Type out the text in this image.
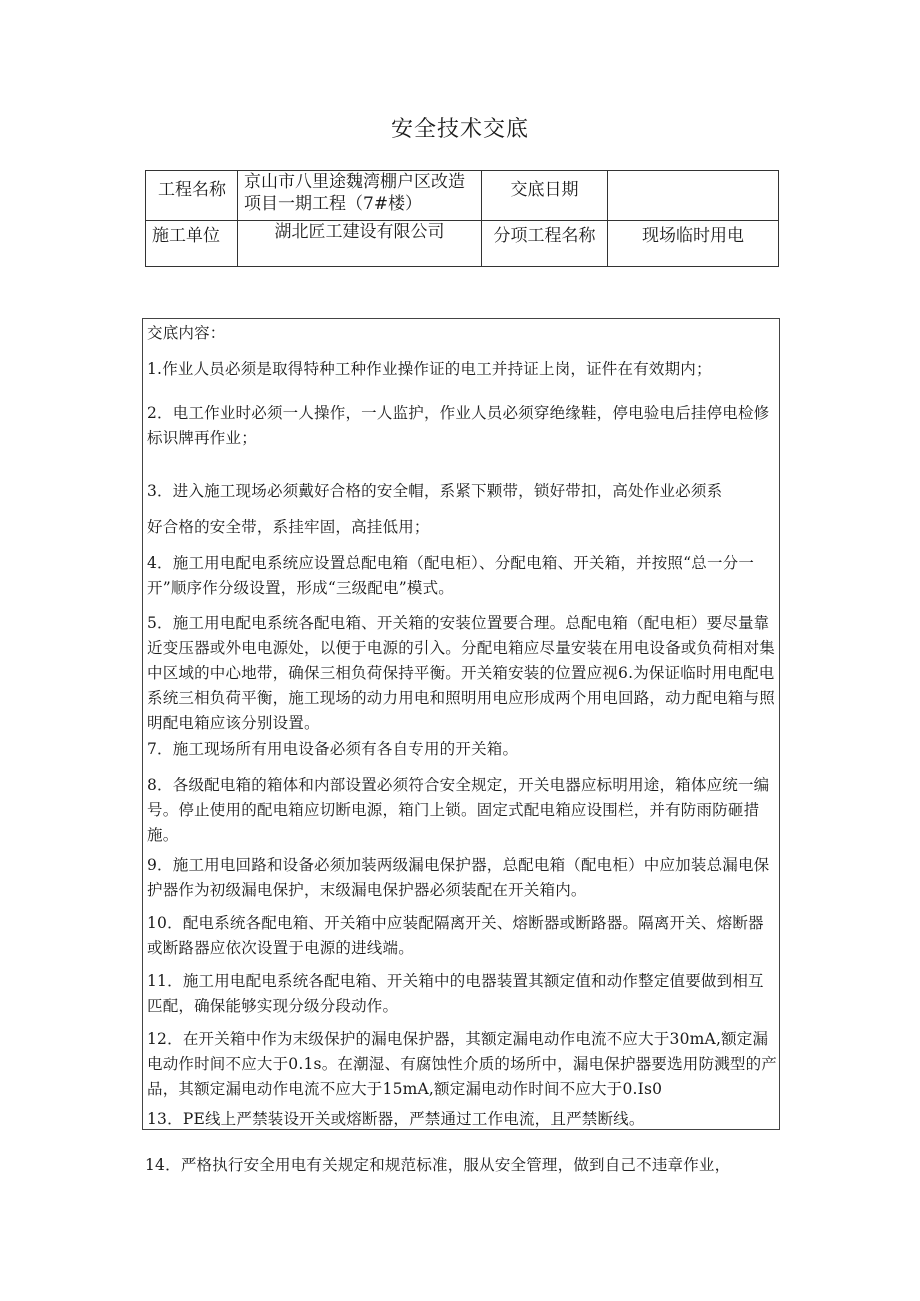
安全技术交底
工程名称	京山市八里途魏湾棚户区改造项目一期工程（7#楼）	交底日期	
施工单位	湖北匠工建设有限公司	分项工程名称	现场临时用电
交底内容：
1.作业人员必须是取得特种工种作业操作证的电工并持证上岗，证件在有效期内；
2．电工作业时必须一人操作，一人监护，作业人员必须穿绝缘鞋，停电验电后挂停电检修标识牌再作业；
3．进入施工现场必须戴好合格的安全帽，系紧下颗带，锁好带扣，高处作业必须系
好合格的安全带，系挂牢固，高挂低用；
4．施工用电配电系统应设置总配电箱（配电柜）、分配电箱、开关箱，并按照“总一分一开”顺序作分级设置，形成“三级配电”模式。
5．施工用电配电系统各配电箱、开关箱的安装位置要合理。总配电箱（配电柜）要尽量靠近变压器或外电电源处，以便于电源的引入。分配电箱应尽量安装在用电设备或负荷相对集中区域的中心地带，确保三相负荷保持平衡。开关箱安装的位置应视6.为保证临时用电配电系统三相负荷平衡，施工现场的动力用电和照明用电应形成两个用电回路，动力配电箱与照明配电箱应该分别设置。
7．施工现场所有用电设备必须有各自专用的开关箱。
8．各级配电箱的箱体和内部设置必须符合安全规定，开关电器应标明用途，箱体应统一编号。停止使用的配电箱应切断电源，箱门上锁。固定式配电箱应设围栏，并有防雨防砸措施。
9．施工用电回路和设备必须加装两级漏电保护器，总配电箱（配电柜）中应加装总漏电保护器作为初级漏电保护，末级漏电保护器必须装配在开关箱内。
10．配电系统各配电箱、开关箱中应装配隔离开关、熔断器或断路器。隔离开关、熔断器或断路器应依次设置于电源的进线端。
11．施工用电配电系统各配电箱、开关箱中的电器装置其额定值和动作整定值要做到相互匹配，确保能够实现分级分段动作。
12．在开关箱中作为末级保护的漏电保护器，其额定漏电动作电流不应大于30mA,额定漏电动作时间不应大于0.1s。在潮湿、有腐蚀性介质的场所中，漏电保护器要选用防溅型的产品，其额定漏电动作电流不应大于15mA,额定漏电动作时间不应大于0.Is0
13．PE线上严禁装设开关或熔断器，严禁通过工作电流，且严禁断线。
14．严格执行安全用电有关规定和规范标准，服从安全管理，做到自己不违章作业，
